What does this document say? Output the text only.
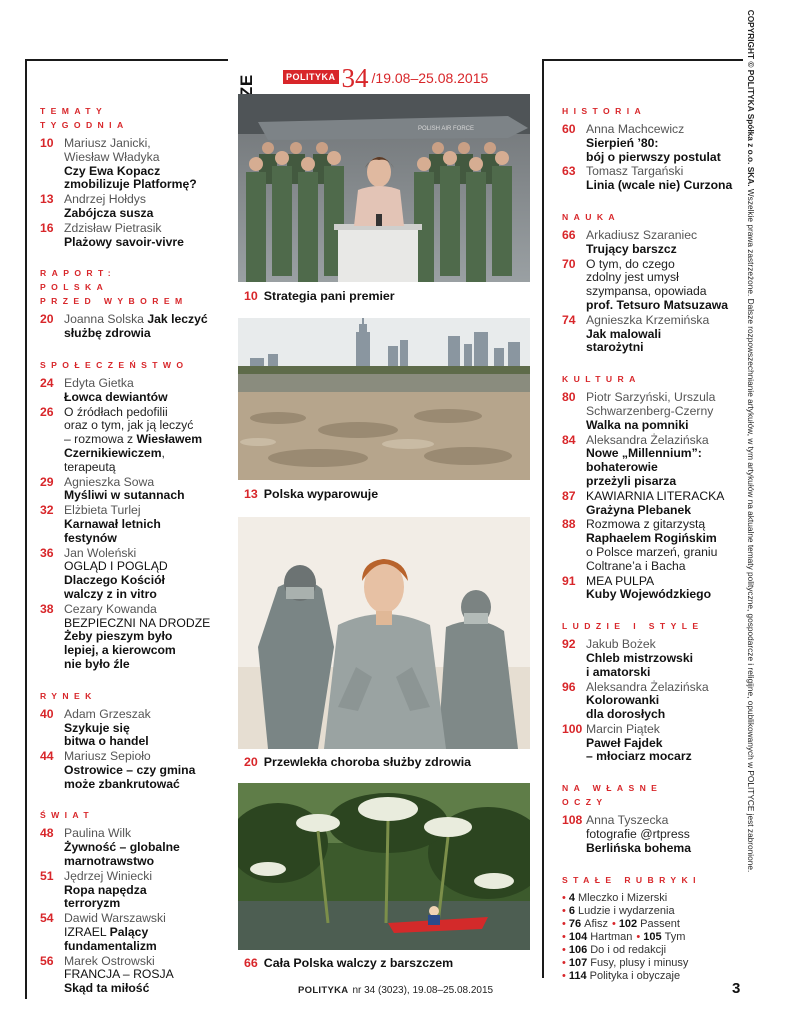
POLITYKA 34 /19.08–25.08.2015
TEMATY
TYGODNIA
10 Mariusz Janicki,
Wiesław Władyka
Czy Ewa Kopacz
zmobilizuje Platformę?
13 Andrzej Hołdys
Zabójcza susza
16 Zdzisław Pietrasik
Plażowy savoir-vivre
RAPORT:
POLSKA
PRZED WYBOREM
20 Joanna Solska Jak leczyć
służbę zdrowia
SPOŁECZEŃSTWO
24 Edyta Gietka
Łowca dewiantów
26 O źródłach pedofilii
oraz o tym, jak ją leczyć
– rozmowa z Wiesławem
Czernikiewiczem,
terapeutą
29 Agnieszka Sowa
Myśliwi w sutannach
32 Elżbieta Turlej
Karnawał letnich
festynów
36 Jan Woleński
OGLĄD I POGLĄD
Dlaczego Kościół
walczy z in vitro
38 Cezary Kowanda
BEZPIECZNI NA DRODZE
Żeby pieszym było
lepiej, a kierowcom
nie było źle
RYNEK
40 Adam Grzeszak
Szykuje się
bitwa o handel
44 Mariusz Sepioło
Ostrowice – czy gmina
może zbankrutować
ŚWIAT
48 Paulina Wilk
Żywność – globalne
marnotrawstwo
51 Jędrzej Winiecki
Ropa napędza
terroryzm
54 Dawid Warszawski
IZRAEL Palący
fundamentalizm
56 Marek Ostrowski
FRANCJA – ROSJA
Skąd ta miłość
POLISH AIR FORCE
10 Strategia pani premier
13 Polska wyparowuje
20 Przewlekła choroba służby zdrowia
66 Cała Polska walczy z barszczem
HISTORIA
60 Anna Machcewicz
Sierpień ’80:
bój o pierwszy postulat
63 Tomasz Targański
Linia (wcale nie) Curzona
NAUKA
66 Arkadiusz Szaraniec
Trujący barszcz
70 O tym, do czego
zdolny jest umysł
szympansa, opowiada
prof. Tetsuro Matsuzawa
74 Agnieszka Krzemińska
Jak malowali
starożytni
KULTURA
80 Piotr Sarzyński, Urszula
Schwarzenberg-Czerny
Walka na pomniki
84 Aleksandra Żelazińska
Nowe „Millennium”:
bohaterowie
przeżyli pisarza
87 KAWIARNIA LITERACKA
Grażyna Plebanek
88 Rozmowa z gitarzystą
Raphaelem Rogińskim
o Polsce marzeń, graniu
Coltrane’a i Bacha
91 MEA PULPA
Kuby Wojewódzkiego
LUDZIE I STYLE
92 Jakub Bożek
Chleb mistrzowski
i amatorski
96 Aleksandra Żelazińska
Kolorowanki
dla dorosłych
100 Marcin Piątek
Paweł Fajdek
– młociarz mocarz
NA WŁASNE
OCZY
108 Anna Tyszecka
fotografie @rtpress
Berlińska bohema
STAŁE RUBRYKI
• 4 Mleczko i Mizerski
• 6 Ludzie i wydarzenia
• 76 Afisz • 102 Passent
• 104 Hartman • 105 Tym
• 106 Do i od redakcji
• 107 Fusy, plusy i minusy
• 114 Polityka i obyczaje
POLITYKA nr 34 (3023), 19.08–25.08.2015	3
COPYRIGHT © POLITYKA Spółka z o.o. SKA. Wszelkie prawa zastrzeżone. Dalsze rozpowszechnianie artykułów, w tym artykułów na aktualne tematy polityczne, gospodarcze i religijne, opublikowanych w POLITYCE jest zabronione.
